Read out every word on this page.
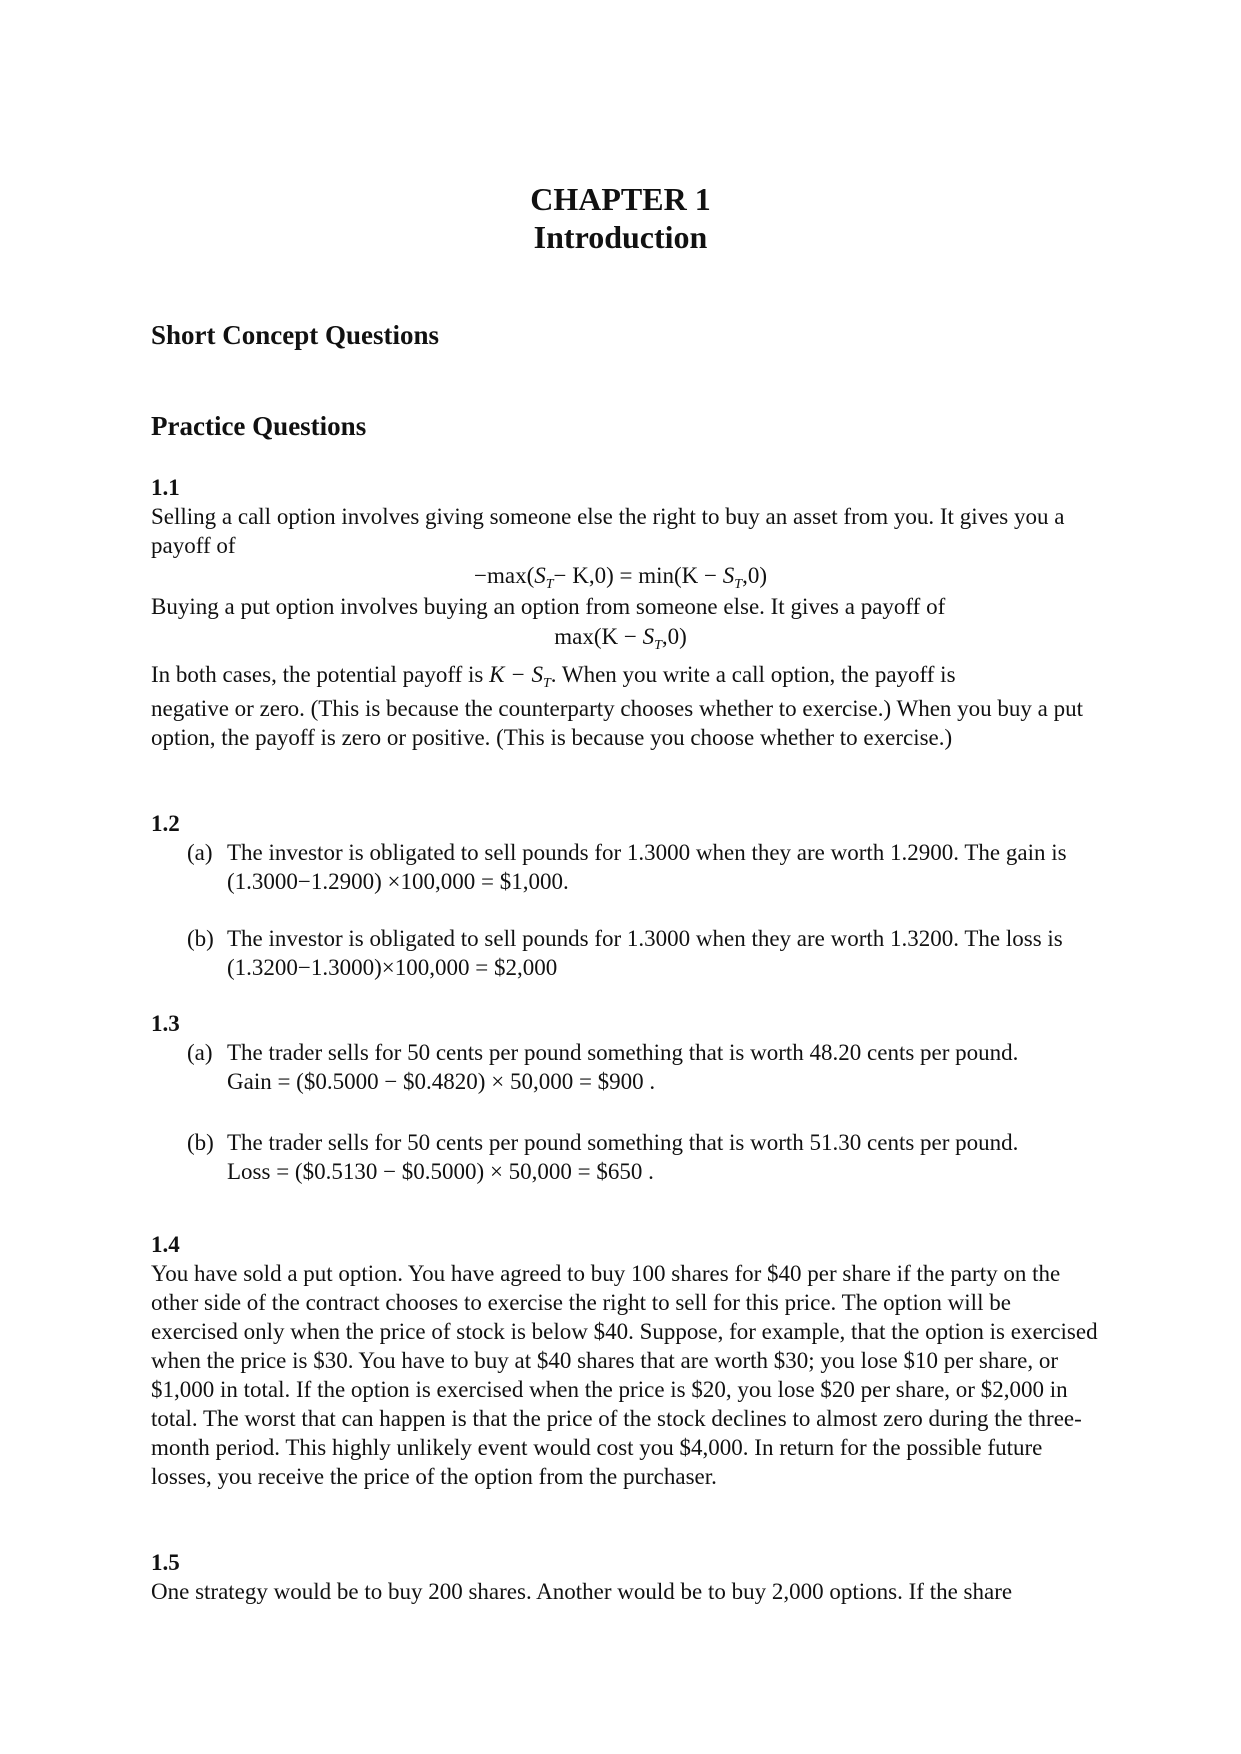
CHAPTER 1
Introduction
Short Concept Questions
Practice Questions
1.1
Selling a call option involves giving someone else the right to buy an asset from you. It gives you a payoff of
$-\max(S_T- K,0) = \min(K - S_T,0)$
Buying a put option involves buying an option from someone else. It gives a payoff of
$\max(K - S_T,0)$
In both cases, the potential payoff is $K - S_T$. When you write a call option, the payoff is
negative or zero. (This is because the counterparty chooses whether to exercise.) When you buy a put option, the payoff is zero or positive. (This is because you choose whether to exercise.)
1.2
(a) The investor is obligated to sell pounds for 1.3000 when they are worth 1.2900. The gain is (1.3000−1.2900) ×100,000 = $1,000.
(b) The investor is obligated to sell pounds for 1.3000 when they are worth 1.3200. The loss is (1.3200−1.3000)×100,000 = $2,000
1.3
(a) The trader sells for 50 cents per pound something that is worth 48.20 cents per pound.
Gain = ($0.5000 − $0.4820) × 50,000 = $900 .
(b) The trader sells for 50 cents per pound something that is worth 51.30 cents per pound.
Loss = ($0.5130 − $0.5000) × 50,000 = $650 .
1.4
You have sold a put option. You have agreed to buy 100 shares for $40 per share if the party on the other side of the contract chooses to exercise the right to sell for this price. The option will be exercised only when the price of stock is below $40. Suppose, for example, that the option is exercised when the price is $30. You have to buy at $40 shares that are worth $30; you lose $10 per share, or $1,000 in total. If the option is exercised when the price is $20, you lose $20 per share, or $2,000 in total. The worst that can happen is that the price of the stock declines to almost zero during the three-month period. This highly unlikely event would cost you $4,000. In return for the possible future losses, you receive the price of the option from the purchaser.
1.5
One strategy would be to buy 200 shares. Another would be to buy 2,000 options. If the share
